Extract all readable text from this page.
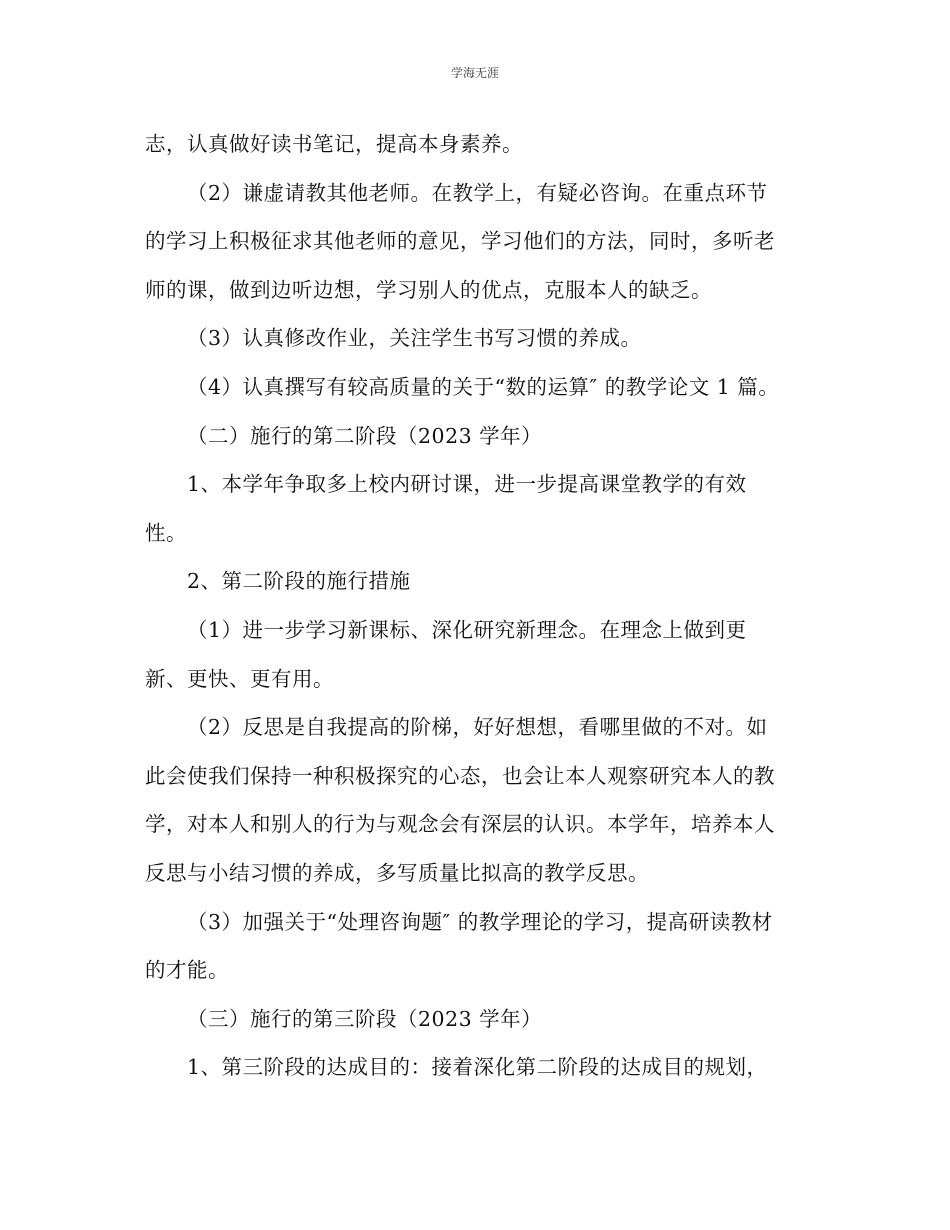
学海无涯
志，认真做好读书笔记，提高本身素养。
（2）谦虚请教其他老师。在教学上，有疑必咨询。在重点环节
的学习上积极征求其他老师的意见，学习他们的方法，同时，多听老
师的课，做到边听边想，学习别人的优点，克服本人的缺乏。
（3）认真修改作业，关注学生书写习惯的养成。
（4）认真撰写有较高质量的关于“数的运算″ 的教学论文 1 篇。
（二）施行的第二阶段（2023 学年）
1、本学年争取多上校内研讨课，进一步提高课堂教学的有效
性。
2、第二阶段的施行措施
（1）进一步学习新课标、深化研究新理念。在理念上做到更
新、更快、更有用。
（2）反思是自我提高的阶梯，好好想想，看哪里做的不对。如
此会使我们保持一种积极探究的心态，也会让本人观察研究本人的教
学，对本人和别人的行为与观念会有深层的认识。本学年，培养本人
反思与小结习惯的养成，多写质量比拟高的教学反思。
（3）加强关于“处理咨询题″ 的教学理论的学习，提高研读教材
的才能。
（三）施行的第三阶段（2023 学年）
1、第三阶段的达成目的：接着深化第二阶段的达成目的规划，
